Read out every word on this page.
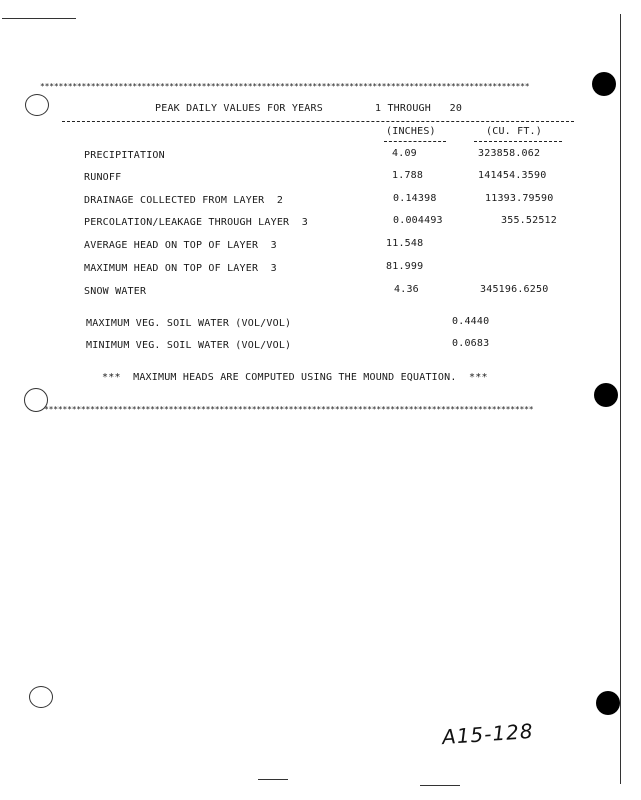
**********************************************************************************************************
PEAK DAILY VALUES FOR YEARS	1 THROUGH   20
(INCHES)	(CU. FT.)
PRECIPITATION	4.09	323858.062
RUNOFF	1.788	141454.3590
DRAINAGE COLLECTED FROM LAYER  2	0.14398	11393.79590
PERCOLATION/LEAKAGE THROUGH LAYER  3	0.004493	355.52512
AVERAGE HEAD ON TOP OF LAYER  3	11.548
MAXIMUM HEAD ON TOP OF LAYER  3	81.999
SNOW WATER	4.36	345196.6250
MAXIMUM VEG. SOIL WATER (VOL/VOL)	0.4440
MINIMUM VEG. SOIL WATER (VOL/VOL)	0.0683
***  MAXIMUM HEADS ARE COMPUTED USING THE MOUND EQUATION.  ***
**********************************************************************************************************
A15-128
